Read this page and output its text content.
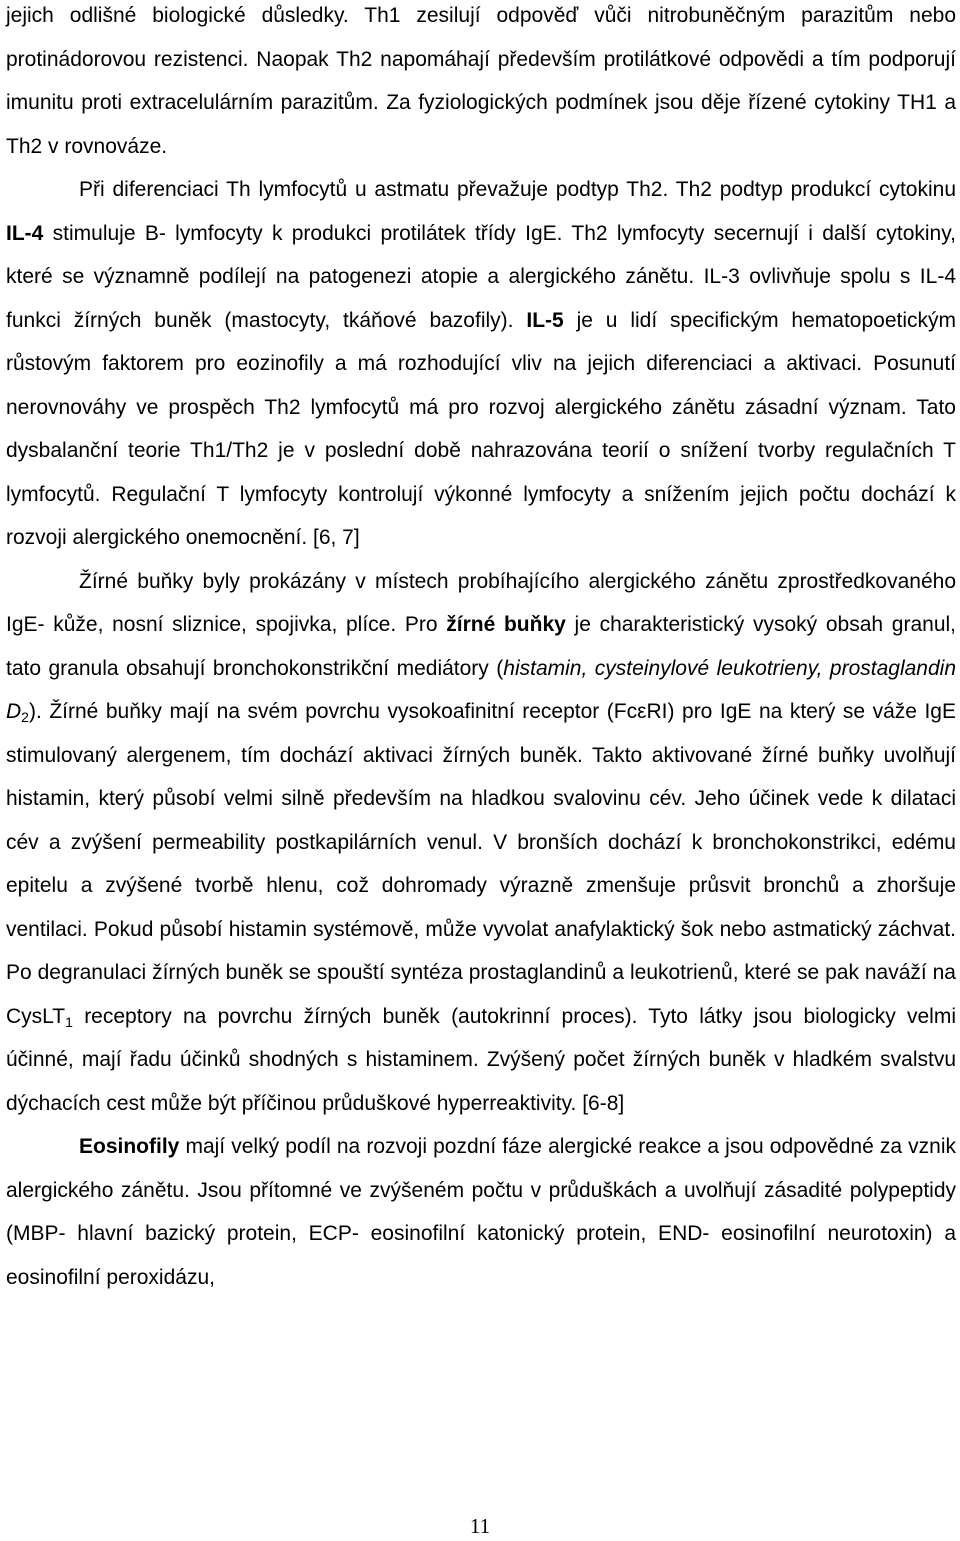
jejich odlišné biologické důsledky. Th1 zesilují odpověď vůči nitrobuněčným parazitům nebo protinádorovou rezistenci. Naopak Th2 napomáhají především protilátkové odpovědi a tím podporují imunitu proti extracelulárním parazitům. Za fyziologických podmínek jsou děje řízené cytokiny TH1 a Th2 v rovnováze.

Při diferenciaci Th lymfocytů u astmatu převažuje podtyp Th2. Th2 podtyp produkcí cytokinu IL-4 stimuluje B- lymfocyty k produkci protilátek třídy IgE. Th2 lymfocyty secernují i další cytokiny, které se významně podílejí na patogenezi atopie a alergického zánětu. IL-3 ovlivňuje spolu s IL-4 funkci žírných buněk (mastocyty, tkáňové bazofily). IL-5 je u lidí specifickým hematopoetickým růstovým faktorem pro eozinofily a má rozhodující vliv na jejich diferenciaci a aktivaci. Posunutí nerovnováhy ve prospěch Th2 lymfocytů má pro rozvoj alergického zánětu zásadní význam. Tato dysbalanční teorie Th1/Th2 je v poslední době nahrazována teorií o snížení tvorby regulačních T lymfocytů. Regulační T lymfocyty kontrolují výkonné lymfocyty a snížením jejich počtu dochází k rozvoji alergického onemocnění. [6, 7]

Žírné buňky byly prokázány v místech probíhajícího alergického zánětu zprostředkovaného IgE- kůže, nosní sliznice, spojivka, plíce. Pro žírné buňky je charakteristický vysoký obsah granul, tato granula obsahují bronchokonstrikční mediátory (histamin, cysteinylové leukotrieny, prostaglandin D2). Žírné buňky mají na svém povrchu vysokoafinitní receptor (FcεRI) pro IgE na který se váže IgE stimulovaný alergenem, tím dochází aktivaci žírných buněk. Takto aktivované žírné buňky uvolňují histamin, který působí velmi silně především na hladkou svalovinu cév. Jeho účinek vede k dilataci cév a zvýšení permeability postkapilárních venul. V bronších dochází k bronchokonstrikci, edému epitelu a zvýšené tvorbě hlenu, což dohromady výrazně zmenšuje průsvit bronchů a zhoršuje ventilaci. Pokud působí histamin systémově, může vyvolat anafylaktický šok nebo astmatický záchvat. Po degranulaci žírných buněk se spouští syntéza prostaglandinů a leukotrienů, které se pak naváží na CysLT1 receptory na povrchu žírných buněk (autokrinní proces). Tyto látky jsou biologicky velmi účinné, mají řadu účinků shodných s histaminem. Zvýšený počet žírných buněk v hladkém svalstvu dýchacích cest může být příčinou průduškové hyperreaktivity. [6-8]

Eosinofily mají velký podíl na rozvoji pozdní fáze alergické reakce a jsou odpovědné za vznik alergického zánětu. Jsou přítomné ve zvýšeném počtu v průduškách a uvolňují zásadité polypeptidy (MBP- hlavní bazický protein, ECP- eosinofilní katonický protein, END- eosinofilní neurotoxin) a eosinofilní peroxidázu,

11
